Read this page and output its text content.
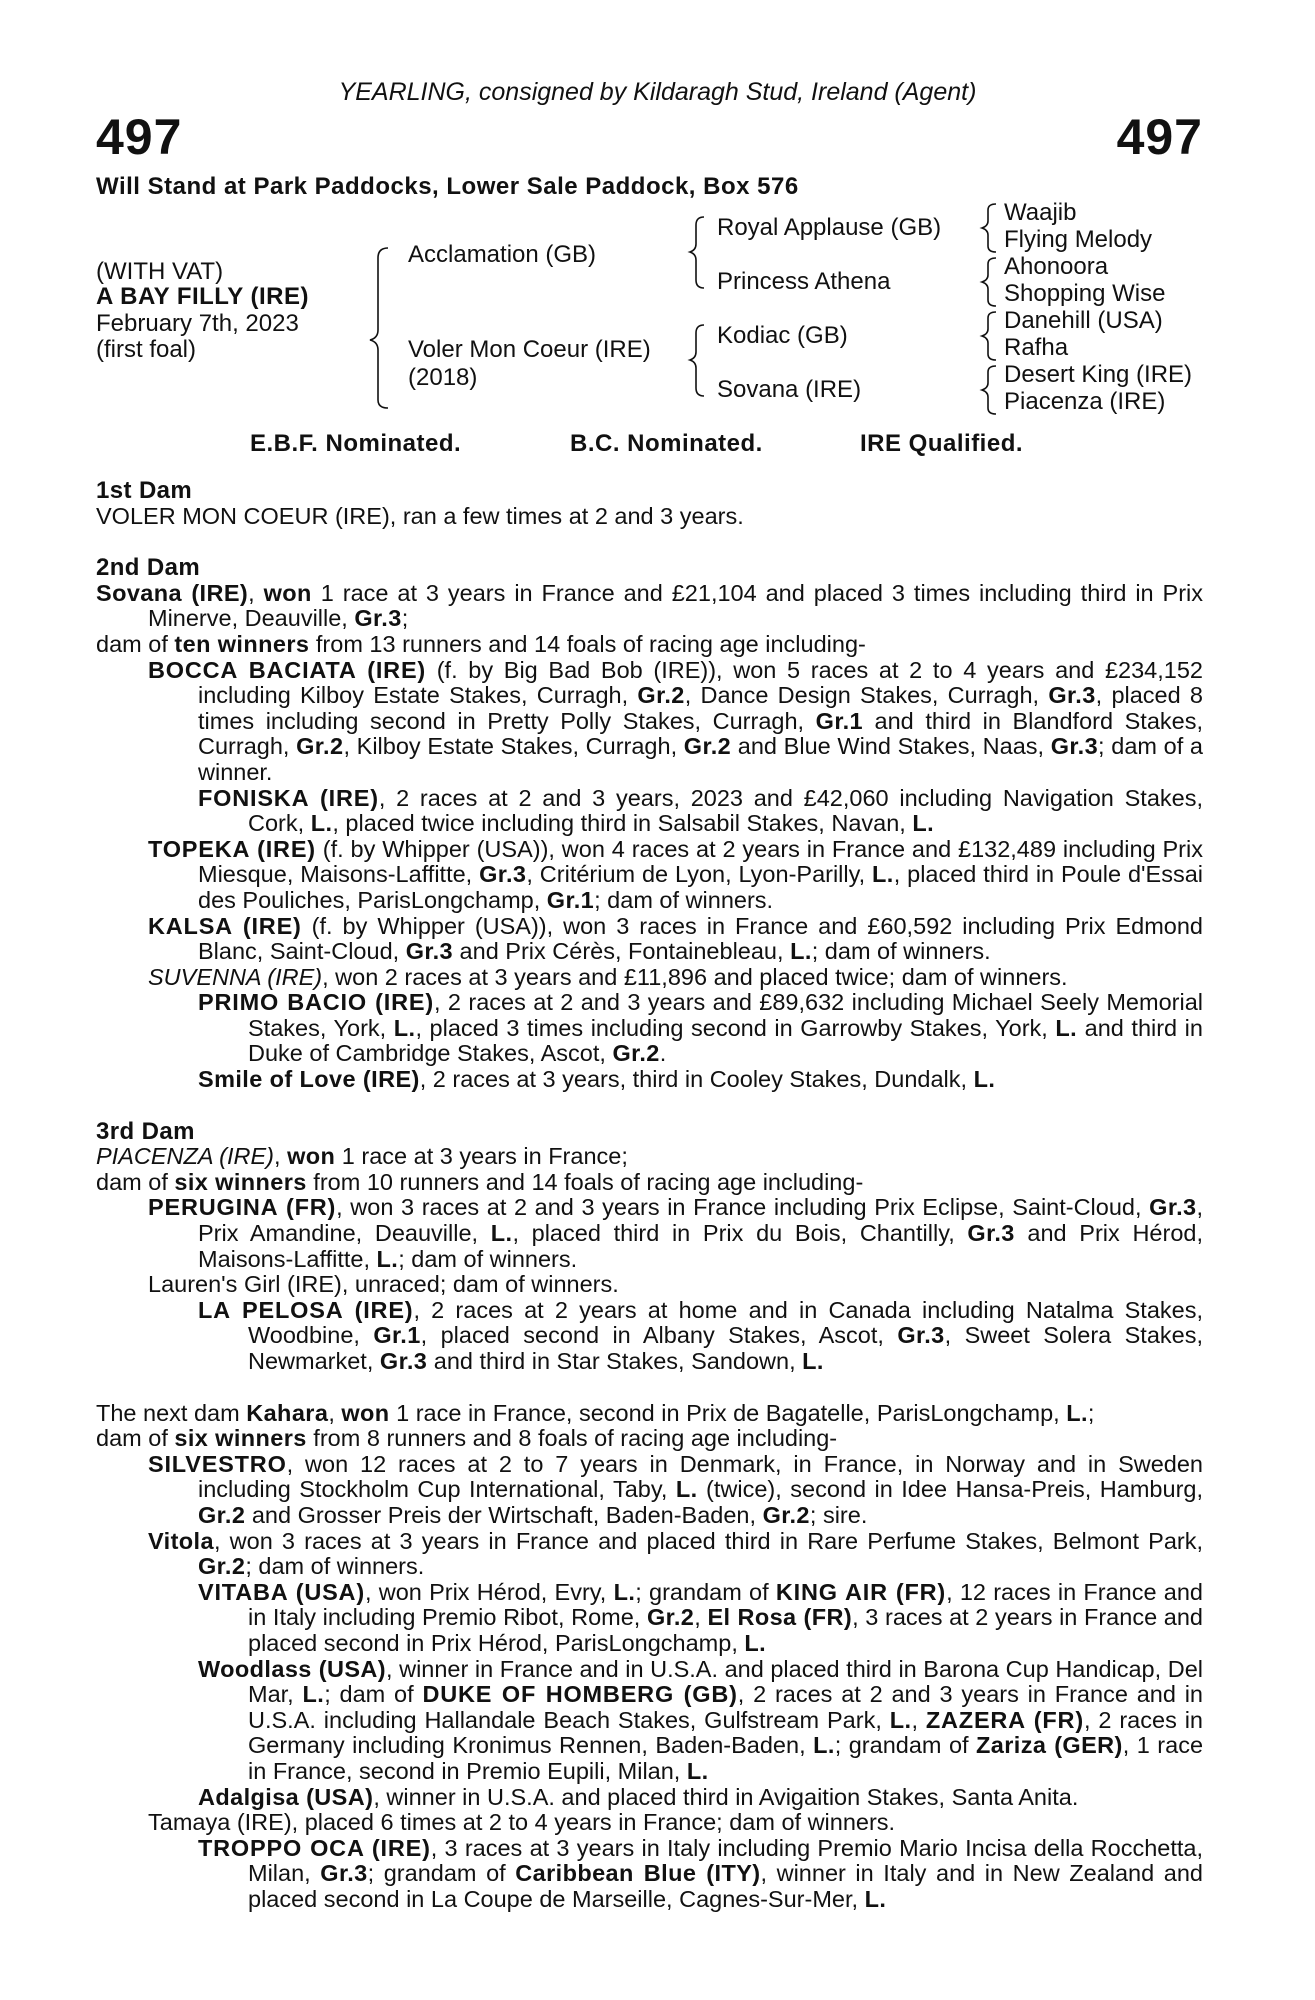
YEARLING, consigned by Kildaragh Stud, Ireland (Agent)
497	497
Will Stand at Park Paddocks, Lower Sale Paddock, Box 576
(WITH VAT)
A BAY FILLY (IRE)
February 7th, 2023
(first foal)
Acclamation (GB)
Voler Mon Coeur (IRE)
(2018)
Royal Applause (GB)
Princess Athena
Kodiac (GB)
Sovana (IRE)
Waajib
Flying Melody
Ahonoora
Shopping Wise
Danehill (USA)
Rafha
Desert King (IRE)
Piacenza (IRE)
E.B.F. Nominated.	B.C. Nominated.	IRE Qualified.
1st Dam
VOLER MON COEUR (IRE), ran a few times at 2 and 3 years.
2nd Dam
Sovana (IRE), won 1 race at 3 years in France and £21,104 and placed 3 times including third in Prix Minerve, Deauville, Gr.3;
dam of ten winners from 13 runners and 14 foals of racing age including-
BOCCA BACIATA (IRE) (f. by Big Bad Bob (IRE)), won 5 races at 2 to 4 years and £234,152 including Kilboy Estate Stakes, Curragh, Gr.2, Dance Design Stakes, Curragh, Gr.3, placed 8 times including second in Pretty Polly Stakes, Curragh, Gr.1 and third in Blandford Stakes, Curragh, Gr.2, Kilboy Estate Stakes, Curragh, Gr.2 and Blue Wind Stakes, Naas, Gr.3; dam of a winner.
FONISKA (IRE), 2 races at 2 and 3 years, 2023 and £42,060 including Navigation Stakes, Cork, L., placed twice including third in Salsabil Stakes, Navan, L.
TOPEKA (IRE) (f. by Whipper (USA)), won 4 races at 2 years in France and £132,489 including Prix Miesque, Maisons-Laffitte, Gr.3, Critérium de Lyon, Lyon-Parilly, L., placed third in Poule d'Essai des Pouliches, ParisLongchamp, Gr.1; dam of winners.
KALSA (IRE) (f. by Whipper (USA)), won 3 races in France and £60,592 including Prix Edmond Blanc, Saint-Cloud, Gr.3 and Prix Cérès, Fontainebleau, L.; dam of winners.
SUVENNA (IRE), won 2 races at 3 years and £11,896 and placed twice; dam of winners.
PRIMO BACIO (IRE), 2 races at 2 and 3 years and £89,632 including Michael Seely Memorial Stakes, York, L., placed 3 times including second in Garrowby Stakes, York, L. and third in Duke of Cambridge Stakes, Ascot, Gr.2.
Smile of Love (IRE), 2 races at 3 years, third in Cooley Stakes, Dundalk, L.
3rd Dam
PIACENZA (IRE), won 1 race at 3 years in France;
dam of six winners from 10 runners and 14 foals of racing age including-
PERUGINA (FR), won 3 races at 2 and 3 years in France including Prix Eclipse, Saint-Cloud, Gr.3, Prix Amandine, Deauville, L., placed third in Prix du Bois, Chantilly, Gr.3 and Prix Hérod, Maisons-Laffitte, L.; dam of winners.
Lauren's Girl (IRE), unraced; dam of winners.
LA PELOSA (IRE), 2 races at 2 years at home and in Canada including Natalma Stakes, Woodbine, Gr.1, placed second in Albany Stakes, Ascot, Gr.3, Sweet Solera Stakes, Newmarket, Gr.3 and third in Star Stakes, Sandown, L.
The next dam Kahara, won 1 race in France, second in Prix de Bagatelle, ParisLongchamp, L.;
dam of six winners from 8 runners and 8 foals of racing age including-
SILVESTRO, won 12 races at 2 to 7 years in Denmark, in France, in Norway and in Sweden including Stockholm Cup International, Taby, L. (twice), second in Idee Hansa-Preis, Hamburg, Gr.2 and Grosser Preis der Wirtschaft, Baden-Baden, Gr.2; sire.
Vitola, won 3 races at 3 years in France and placed third in Rare Perfume Stakes, Belmont Park, Gr.2; dam of winners.
VITABA (USA), won Prix Hérod, Evry, L.; grandam of KING AIR (FR), 12 races in France and in Italy including Premio Ribot, Rome, Gr.2, El Rosa (FR), 3 races at 2 years in France and placed second in Prix Hérod, ParisLongchamp, L.
Woodlass (USA), winner in France and in U.S.A. and placed third in Barona Cup Handicap, Del Mar, L.; dam of DUKE OF HOMBERG (GB), 2 races at 2 and 3 years in France and in U.S.A. including Hallandale Beach Stakes, Gulfstream Park, L., ZAZERA (FR), 2 races in Germany including Kronimus Rennen, Baden-Baden, L.; grandam of Zariza (GER), 1 race in France, second in Premio Eupili, Milan, L.
Adalgisa (USA), winner in U.S.A. and placed third in Avigaition Stakes, Santa Anita.
Tamaya (IRE), placed 6 times at 2 to 4 years in France; dam of winners.
TROPPO OCA (IRE), 3 races at 3 years in Italy including Premio Mario Incisa della Rocchetta, Milan, Gr.3; grandam of Caribbean Blue (ITY), winner in Italy and in New Zealand and placed second in La Coupe de Marseille, Cagnes-Sur-Mer, L.
